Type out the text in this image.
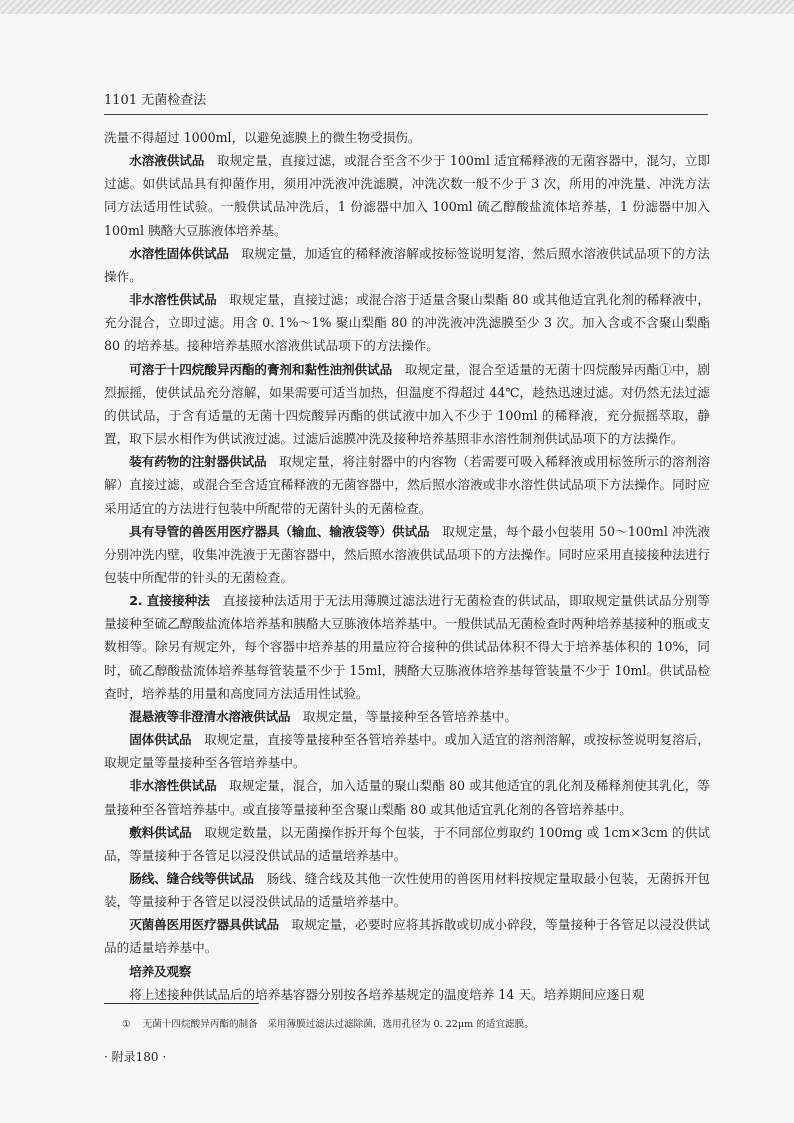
1101 无菌检查法

洗量不得超过 1000ml，以避免滤膜上的微生物受损伤。

水溶液供试品　取规定量，直接过滤，或混合至含不少于 100ml 适宜稀释液的无菌容器中，混匀，立即过滤。如供试品具有抑菌作用，须用冲洗液冲洗滤膜，冲洗次数一般不少于 3 次，所用的冲洗量、冲洗方法同方法适用性试验。一般供试品冲洗后，1 份滤器中加入 100ml 硫乙醇酸盐流体培养基，1 份滤器中加入 100ml 胰酪大豆胨液体培养基。

水溶性固体供试品　取规定量，加适宜的稀释液溶解或按标签说明复溶，然后照水溶液供试品项下的方法操作。

非水溶性供试品　取规定量，直接过滤；或混合溶于适量含聚山梨酯 80 或其他适宜乳化剂的稀释液中，充分混合，立即过滤。用含 0. 1%～1% 聚山梨酯 80 的冲洗液冲洗滤膜至少 3 次。加入含或不含聚山梨酯 80 的培养基。接种培养基照水溶液供试品项下的方法操作。

可溶于十四烷酸异丙酯的膏剂和黏性油剂供试品　取规定量，混合至适量的无菌十四烷酸异丙酯①中，剧烈振摇，使供试品充分溶解，如果需要可适当加热，但温度不得超过 44℃，趁热迅速过滤。对仍然无法过滤的供试品，于含有适量的无菌十四烷酸异丙酯的供试液中加入不少于 100ml 的稀释液，充分振摇萃取，静置，取下层水相作为供试液过滤。过滤后滤膜冲洗及接种培养基照非水溶性制剂供试品项下的方法操作。

装有药物的注射器供试品　取规定量，将注射器中的内容物（若需要可吸入稀释液或用标签所示的溶剂溶解）直接过滤，或混合至含适宜稀释液的无菌容器中，然后照水溶液或非水溶性供试品项下方法操作。同时应采用适宜的方法进行包装中所配带的无菌针头的无菌检查。

具有导管的兽医用医疗器具（输血、输液袋等）供试品　取规定量，每个最小包装用 50～100ml 冲洗液分别冲洗内壁，收集冲洗液于无菌容器中，然后照水溶液供试品项下的方法操作。同时应采用直接接种法进行包装中所配带的针头的无菌检查。

2. 直接接种法　直接接种法适用于无法用薄膜过滤法进行无菌检查的供试品，即取规定量供试品分别等量接种至硫乙醇酸盐流体培养基和胰酪大豆胨液体培养基中。一般供试品无菌检查时两种培养基接种的瓶或支数相等。除另有规定外，每个容器中培养基的用量应符合接种的供试品体积不得大于培养基体积的 10%，同时，硫乙醇酸盐流体培养基每管装量不少于 15ml，胰酪大豆胨液体培养基每管装量不少于 10ml。供试品检查时，培养基的用量和高度同方法适用性试验。

混悬液等非澄清水溶液供试品　取规定量，等量接种至各管培养基中。

固体供试品　取规定量，直接等量接种至各管培养基中。或加入适宜的溶剂溶解，或按标签说明复溶后，取规定量等量接种至各管培养基中。

非水溶性供试品　取规定量，混合，加入适量的聚山梨酯 80 或其他适宜的乳化剂及稀释剂使其乳化，等量接种至各管培养基中。或直接等量接种至含聚山梨酯 80 或其他适宜乳化剂的各管培养基中。

敷料供试品　取规定数量，以无菌操作拆开每个包装，于不同部位剪取约 100mg 或 1cm×3cm 的供试品，等量接种于各管足以浸没供试品的适量培养基中。

肠线、缝合线等供试品　肠线、缝合线及其他一次性使用的兽医用材料按规定量取最小包装，无菌拆开包装，等量接种于各管足以浸没供试品的适量培养基中。

灭菌兽医用医疗器具供试品　取规定量，必要时应将其拆散或切成小碎段，等量接种于各管足以浸没供试品的适量培养基中。

培养及观察

将上述接种供试品后的培养基容器分别按各培养基规定的温度培养 14 天。培养期间应逐日观

① 无菌十四烷酸异丙酯的制备　采用薄膜过滤法过滤除菌，选用孔径为 0. 22μm 的适宜滤膜。
· 附录180 ·
